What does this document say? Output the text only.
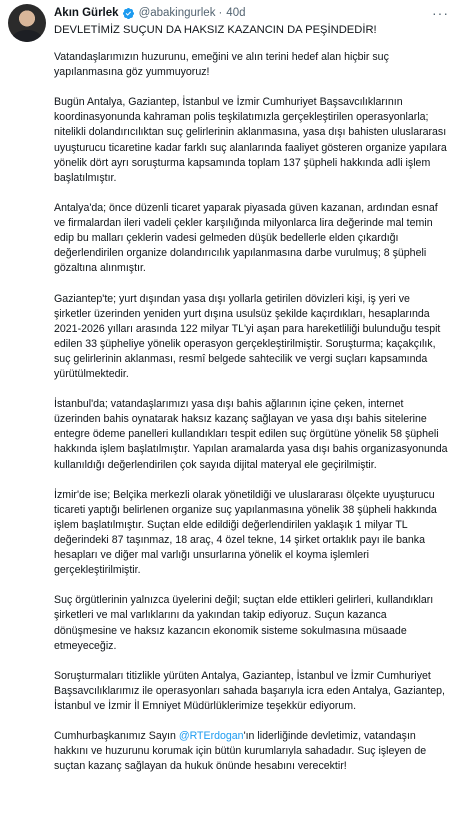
Akın Gürlek @abakingurlek · 40d	···
DEVLETİMİZ SUÇUN DA HAKSIZ KAZANCIN DA PEŞİNDEDİR!

Vatandaşlarımızın huzurunu, emeğini ve alın terini hedef alan hiçbir suç yapılanmasına göz yummuyoruz!

Bugün Antalya, Gaziantep, İstanbul ve İzmir Cumhuriyet Başsavcılıklarının koordinasyonunda kahraman polis teşkilatımızla gerçekleştirilen operasyonlarla; nitelikli dolandırıcılıktan suç gelirlerinin aklanmasına, yasa dışı bahisten uluslararası uyuşturucu ticaretine kadar farklı suç alanlarında faaliyet gösteren organize yapılara yönelik dört ayrı soruşturma kapsamında toplam 137 şüpheli hakkında adli işlem başlatılmıştır.

Antalya'da; önce düzenli ticaret yaparak piyasada güven kazanan, ardından esnaf ve firmalardan ileri vadeli çekler karşılığında milyonlarca lira değerinde mal temin edip bu malları çeklerin vadesi gelmeden düşük bedellerle elden çıkardığı değerlendirilen organize dolandırıcılık yapılanmasına darbe vurulmuş; 8 şüpheli gözaltına alınmıştır.

Gaziantep'te; yurt dışından yasa dışı yollarla getirilen dövizleri kişi, iş yeri ve şirketler üzerinden yeniden yurt dışına usulsüz şekilde kaçırdıkları, hesaplarında 2021-2026 yılları arasında 122 milyar TL'yi aşan para hareketliliği bulunduğu tespit edilen 33 şüpheliye yönelik operasyon gerçekleştirilmiştir. Soruşturma; kaçakçılık, suç gelirlerinin aklanması, resmî belgede sahtecilik ve vergi suçları kapsamında yürütülmektedir.

İstanbul'da; vatandaşlarımızı yasa dışı bahis ağlarının içine çeken, internet üzerinden bahis oynatarak haksız kazanç sağlayan ve yasa dışı bahis sitelerine entegre ödeme panelleri kullandıkları tespit edilen suç örgütüne yönelik 58 şüpheli hakkında işlem başlatılmıştır. Yapılan aramalarda yasa dışı bahis organizasyonunda kullanıldığı değerlendirilen çok sayıda dijital materyal ele geçirilmiştir.

İzmir'de ise; Belçika merkezli olarak yönetildiği ve uluslararası ölçekte uyuşturucu ticareti yaptığı belirlenen organize suç yapılanmasına yönelik 38 şüpheli hakkında işlem başlatılmıştır. Suçtan elde edildiği değerlendirilen yaklaşık 1 milyar TL değerindeki 87 taşınmaz, 18 araç, 4 özel tekne, 14 şirket ortaklık payı ile banka hesapları ve diğer mal varlığı unsurlarına yönelik el koyma işlemleri gerçekleştirilmiştir.

Suç örgütlerinin yalnızca üyelerini değil; suçtan elde ettikleri gelirleri, kullandıkları şirketleri ve mal varlıklarını da yakından takip ediyoruz. Suçun kazanca dönüşmesine ve haksız kazancın ekonomik sisteme sokulmasına müsaade etmeyeceğiz.

Soruşturmaları titizlikle yürüten Antalya, Gaziantep, İstanbul ve İzmir Cumhuriyet Başsavcılıklarımız ile operasyonları sahada başarıyla icra eden Antalya, Gaziantep, İstanbul ve İzmir İl Emniyet Müdürlüklerimize teşekkür ediyorum.

Cumhurbaşkanımız Sayın @RTErdogan'ın liderliğinde devletimiz, vatandaşın hakkını ve huzurunu korumak için bütün kurumlarıyla sahadadır. Suç işleyen de suçtan kazanç sağlayan da hukuk önünde hesabını verecektir!
